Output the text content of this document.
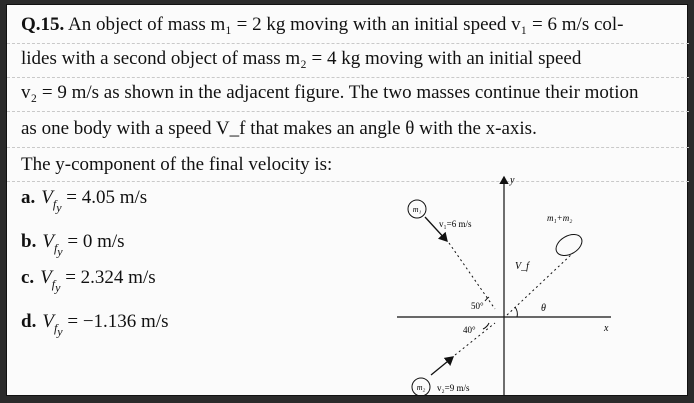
Q.15. An object of mass m₁ = 2 kg moving with an initial speed v₁ = 6 m/s col-
lides with a second object of mass m₂ = 4 kg moving with an initial speed
v₂ = 9 m/s as shown in the adjacent figure. The two masses continue their motion
as one body with a speed V_f that makes an angle θ with the x-axis.
The y-component of the final velocity is:
a. $V_{f_y} = 4.05$ m/s
b. $V_{f_y} = 0$ m/s
c. $V_{f_y} = 2.324$ m/s
d. $V_{f_y} = -1.136$ m/s	x
y
m₁
v₁=6 m/s
m₂ v₂=9 m/s
50°
40°
θ
V_f
m₁+m₂
